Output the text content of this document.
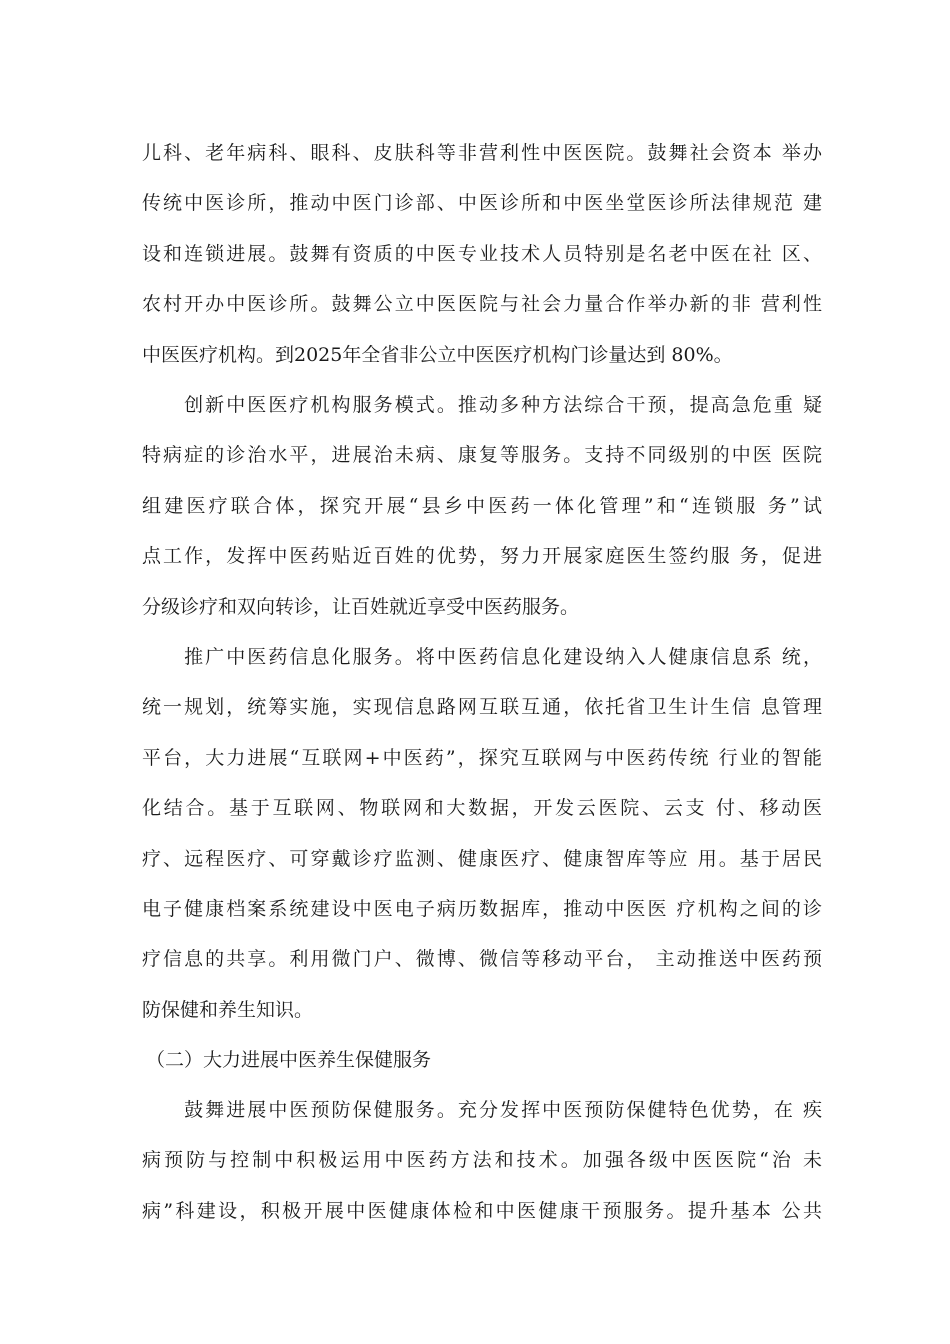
儿科、老年病科、眼科、皮肤科等非营利性中医医院。鼓舞社会资本 举办
传统中医诊所，推动中医门诊部、中医诊所和中医坐堂医诊所法律规范 建
设和连锁进展。鼓舞有资质的中医专业技术人员特别是名老中医在社 区、
农村开办中医诊所。鼓舞公立中医医院与社会力量合作举办新的非 营利性
中医医疗机构。到2025年全省非公立中医医疗机构门诊量达到 80%。
　　创新中医医疗机构服务模式。推动多种方法综合干预，提高急危重 疑
特病症的诊治水平，进展治未病、康复等服务。支持不同级别的中医 医院
组建医疗联合体，探究开展“县乡中医药一体化管理”和“连锁服 务”试
点工作，发挥中医药贴近百姓的优势，努力开展家庭医生签约服 务，促进
分级诊疗和双向转诊，让百姓就近享受中医药服务。
　　推广中医药信息化服务。将中医药信息化建设纳入人健康信息系 统，
统一规划，统筹实施，实现信息路网互联互通，依托省卫生计生信 息管理
平台，大力进展“互联网+中医药”，探究互联网与中医药传统 行业的智能
化结合。基于互联网、物联网和大数据，开发云医院、云支 付、移动医
疗、远程医疗、可穿戴诊疗监测、健康医疗、健康智库等应 用。基于居民
电子健康档案系统建设中医电子病历数据库，推动中医医 疗机构之间的诊
疗信息的共享。利用微门户、微博、微信等移动平台， 主动推送中医药预
防保健和养生知识。
（二）大力进展中医养生保健服务
　　鼓舞进展中医预防保健服务。充分发挥中医预防保健特色优势，在 疾
病预防与控制中积极运用中医药方法和技术。加强各级中医医院“治 未
病”科建设，积极开展中医健康体检和中医健康干预服务。提升基本 公共
